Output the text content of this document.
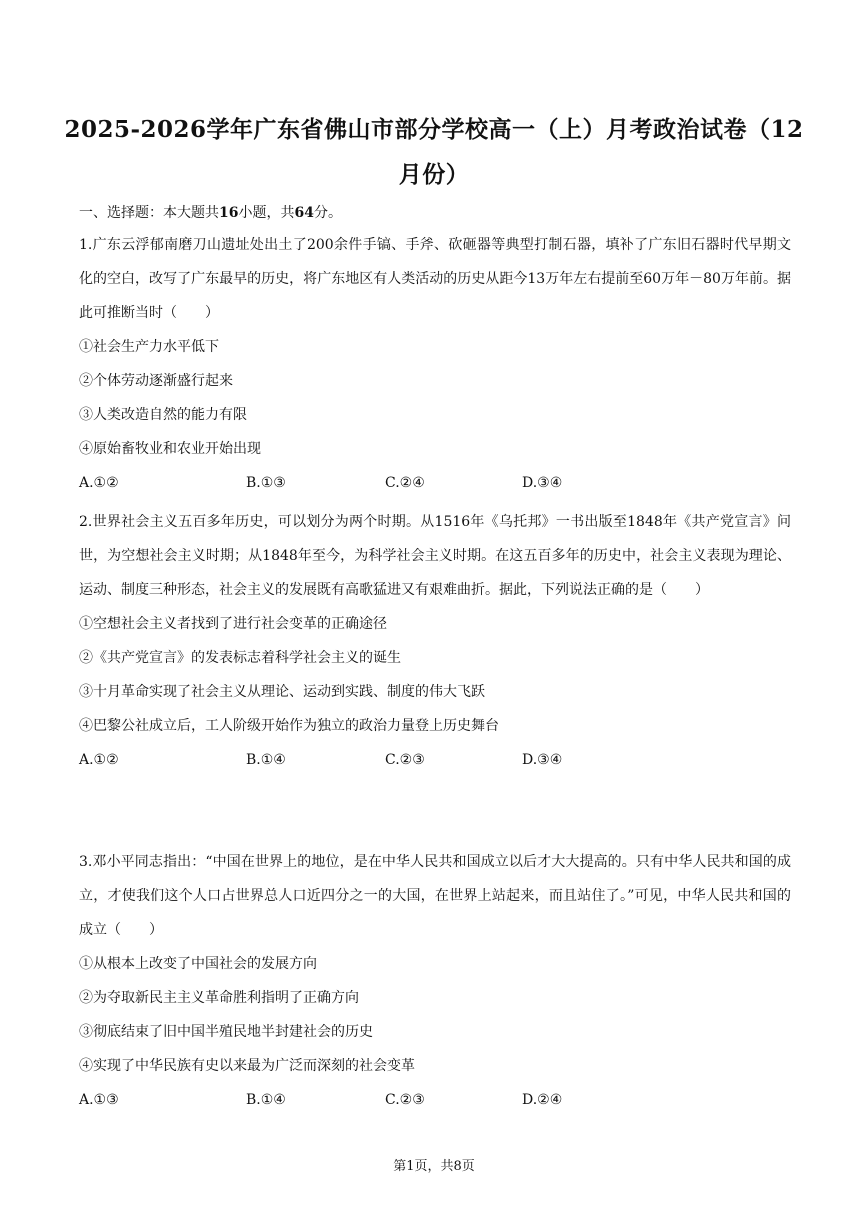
2025-2026学年广东省佛山市部分学校高一（上）月考政治试卷（12
月份）
一、选择题：本大题共16小题，共64分。
1.广东云浮郁南磨刀山遗址处出土了200余件手镐、手斧、砍砸器等典型打制石器，填补了广东旧石器时代早期文化的空白，改写了广东最早的历史，将广东地区有人类活动的历史从距今13万年左右提前至60万年－80万年前。据此可推断当时（　　）
①社会生产力水平低下
②个体劳动逐渐盛行起来
③人类改造自然的能力有限
④原始畜牧业和农业开始出现
A.①②	B.①③	C.②④	D.③④
2.世界社会主义五百多年历史，可以划分为两个时期。从1516年《乌托邦》一书出版至1848年《共产党宣言》问世，为空想社会主义时期；从1848年至今，为科学社会主义时期。在这五百多年的历史中，社会主义表现为理论、运动、制度三种形态，社会主义的发展既有高歌猛进又有艰难曲折。据此，下列说法正确的是（　　）
①空想社会主义者找到了进行社会变革的正确途径
②《共产党宣言》的发表标志着科学社会主义的诞生
③十月革命实现了社会主义从理论、运动到实践、制度的伟大飞跃
④巴黎公社成立后，工人阶级开始作为独立的政治力量登上历史舞台
A.①②	B.①④	C.②③	D.③④
3.邓小平同志指出：“中国在世界上的地位，是在中华人民共和国成立以后才大大提高的。只有中华人民共和国的成立，才使我们这个人口占世界总人口近四分之一的大国，在世界上站起来，而且站住了。”可见，中华人民共和国的成立（　　）
①从根本上改变了中国社会的发展方向
②为夺取新民主主义革命胜利指明了正确方向
③彻底结束了旧中国半殖民地半封建社会的历史
④实现了中华民族有史以来最为广泛而深刻的社会变革
A.①③	B.①④	C.②③	D.②④
第1页，共8页
